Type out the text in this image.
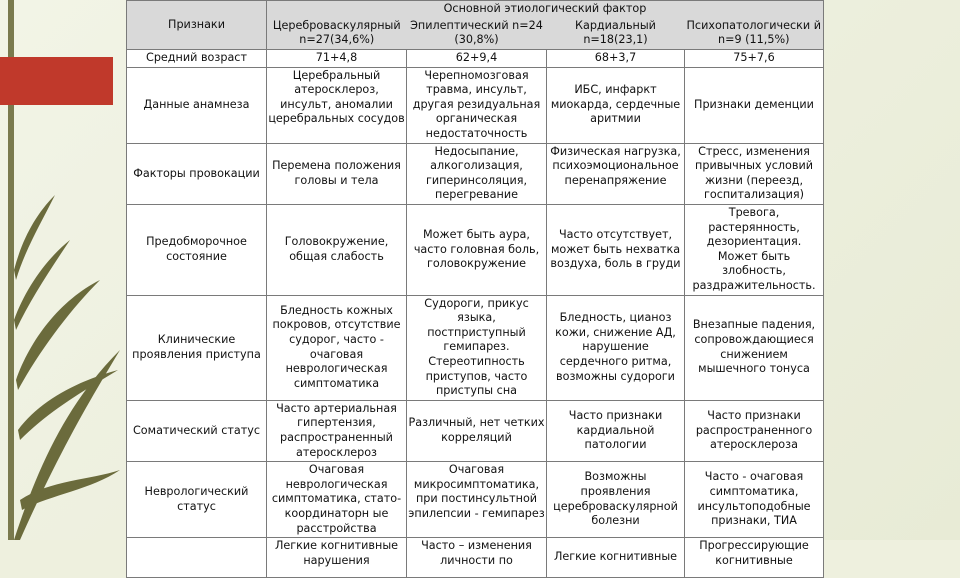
Признаки	Основной этиологический фактор			
	Цереброваскулярный n=27(34,6%)	Эпилептический n=24 (30,8%)	Кардиальный n=18(23,1)	Психопатологически й n=9 (11,5%)
Средний возраст	71+4,8	62+9,4	68+3,7	75+7,6
Данные анамнеза	Церебральный атеросклероз, инсульт, аномалии церебральных сосудов	Черепномозговая травма, инсульт, другая резидуальная органическая недостаточность	ИБС, инфаркт миокарда, сердечные аритмии	Признаки деменции
Факторы провокации	Перемена положения головы и тела	Недосыпание, алкоголизация, гиперинсоляция, перегревание	Физическая нагрузка, психоэмоциональное перенапряжение	Стресс, изменения привычных условий жизни (переезд, госпитализация)
Предобморочное состояние	Головокружение, общая слабость	Может быть аура, часто головная боль, головокружение	Часто отсутствует, может быть нехватка воздуха, боль в груди	Тревога, растерянность, дезориентация. Может быть злобность, раздражительность.
Клинические проявления приступа	Бледность кожных покровов, отсутствие судорог, часто - очаговая неврологическая симптоматика	Судороги, прикус языка, постприступный гемипарез. Стереотипность приступов, часто приступы сна	Бледность, цианоз кожи, снижение АД, нарушение сердечного ритма, возможны судороги	Внезапные падения, сопровождающиеся снижением мышечного тонуса
Соматический статус	Часто артериальная гипертензия, распространенный атеросклероз	Различный, нет четких корреляций	Часто признаки кардиальной патологии	Часто признаки распространенного атеросклероза
Неврологический статус	Очаговая неврологическая симптоматика, стато-координаторн ые расстройства	Очаговая микросимптоматика, при постинсультной эпилепсии - гемипарез	Возможны проявления цереброваскулярной болезни	Часто - очаговая симптоматика, инсультоподобные признаки, ТИА
	Легкие когнитивные нарушения	Часто – изменения личности по	Легкие когнитивные	Прогрессирующие когнитивные
